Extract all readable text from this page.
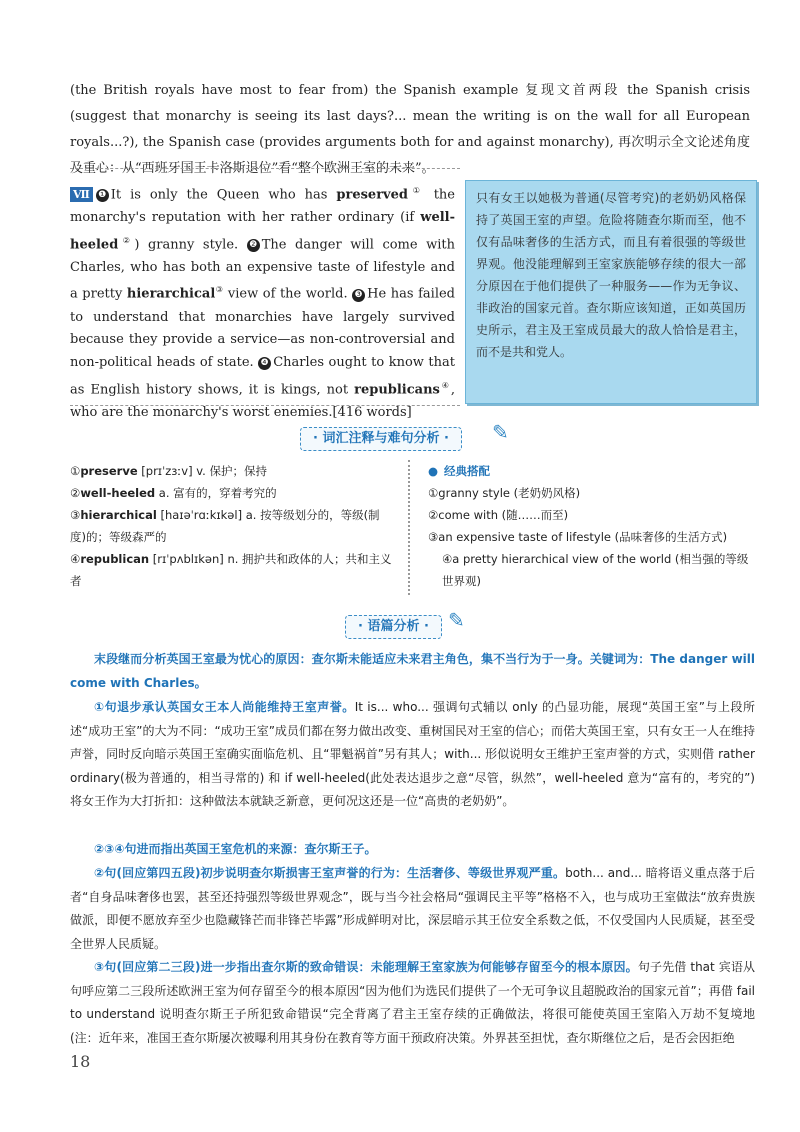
(the British royals have most to fear from) the Spanish example 复现文首两段 the Spanish crisis (suggest that monarchy is seeing its last days?... mean the writing is on the wall for all European royals...?), the Spanish case (provides arguments both for and against monarchy), 再次明示全文论述角度及重心：从“西班牙国王卡洛斯退位”看“整个欧洲王室的未来”。
Ⅶ ❶ It is only the Queen who has preserved① the monarchy's reputation with her rather ordinary (if well-heeled②) granny style. ❷ The danger will come with Charles, who has both an expensive taste of lifestyle and a pretty hierarchical③ view of the world. ❸ He has failed to understand that monarchies have largely survived because they provide a service—as non-controversial and non-political heads of state. ❹ Charles ought to know that as English history shows, it is kings, not republicans④, who are the monarchy's worst enemies.[416 words]
只有女王以她极为普通(尽管考究)的老奶奶风格保持了英国王室的声望。危险将随查尔斯而至，他不仅有品味奢侈的生活方式，而且有着很强的等级世界观。他没能理解到王室家族能够存续的很大一部分原因在于他们提供了一种服务——作为无争议、非政治的国家元首。查尔斯应该知道，正如英国历史所示，君主及王室成员最大的敌人恰恰是君主，而不是共和党人。
· 词汇注释与难句分析 ·	✎
①preserve [prɪˈzɜːv] v. 保护；保持
②well-heeled a. 富有的，穿着考究的
③hierarchical [haɪəˈrɑːkɪkəl] a. 按等级划分的，等级(制度)的；等级森严的
④republican [rɪˈpʌblɪkən] n. 拥护共和政体的人；共和主义者
● 经典搭配
①granny style (老奶奶风格)
②come with (随……而至)
③an expensive taste of lifestyle (品味奢侈的生活方式)
④a pretty hierarchical view of the world (相当强的等级世界观)
· 语篇分析 · ✎
末段继而分析英国王室最为忧心的原因：查尔斯未能适应未来君主角色，集不当行为于一身。关键词为：The danger will come with Charles。
①句退步承认英国女王本人尚能维持王室声誉。It is... who... 强调句式辅以 only 的凸显功能，展现“英国王室”与上段所述“成功王室”的大为不同：“成功王室”成员们都在努力做出改变、重树国民对王室的信心；而偌大英国王室，只有女王一人在维持声誉，同时反向暗示英国王室确实面临危机、且“罪魁祸首”另有其人；with... 形似说明女王维护王室声誉的方式，实则借 rather ordinary(极为普通的，相当寻常的) 和 if well-heeled(此处表达退步之意“尽管，纵然”，well-heeled 意为“富有的，考究的”) 将女王作为大打折扣：这种做法本就缺乏新意，更何况这还是一位“高贵的老奶奶”。
②③④句进而指出英国王室危机的来源：查尔斯王子。
②句(回应第四五段)初步说明查尔斯损害王室声誉的行为：生活奢侈、等级世界观严重。both... and... 暗将语义重点落于后者“自身品味奢侈也罢，甚至还持强烈等级世界观念”，既与当今社会格局“强调民主平等”格格不入，也与成功王室做法“放弃贵族做派，即便不愿放弃至少也隐藏锋芒而非锋芒毕露”形成鲜明对比，深层暗示其王位安全系数之低，不仅受国内人民质疑，甚至受全世界人民质疑。
③句(回应第二三段)进一步指出查尔斯的致命错误：未能理解王室家族为何能够存留至今的根本原因。句子先借 that 宾语从句呼应第二三段所述欧洲王室为何存留至今的根本原因“因为他们为选民们提供了一个无可争议且超脱政治的国家元首”；再借 fail to understand 说明查尔斯王子所犯致命错误“完全背离了君主王室存续的正确做法，将很可能使英国王室陷入万劫不复境地(注：近年来，准国王查尔斯屡次被曝利用其身份在教育等方面干预政府决策。外界甚至担忧，查尔斯继位之后，是否会因拒绝
18
